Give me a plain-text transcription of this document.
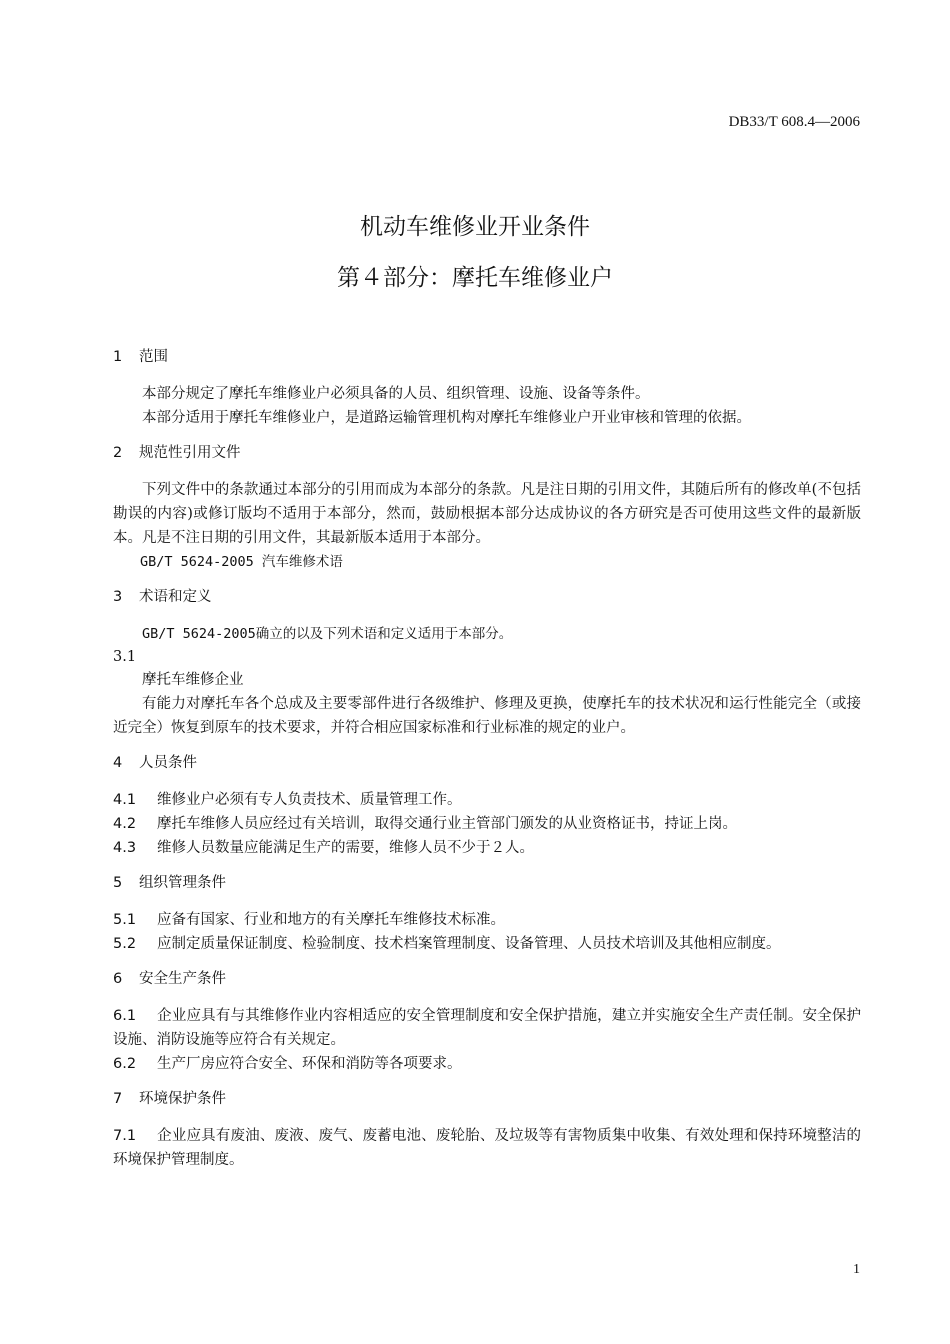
DB33/T 608.4—2006
机动车维修业开业条件
第４部分：摩托车维修业户
1 范围

本部分规定了摩托车维修业户必须具备的人员、组织管理、设施、设备等条件。

本部分适用于摩托车维修业户，是道路运输管理机构对摩托车维修业户开业审核和管理的依据。

2 规范性引用文件

下列文件中的条款通过本部分的引用而成为本部分的条款。凡是注日期的引用文件，其随后所有的修改单(不包括勘误的内容)或修订版均不适用于本部分，然而，鼓励根据本部分达成协议的各方研究是否可使用这些文件的最新版本。凡是不注日期的引用文件，其最新版本适用于本部分。

GB/T 5624-2005 汽车维修术语

3 术语和定义

GB/T 5624-2005确立的以及下列术语和定义适用于本部分。

3.1

摩托车维修企业

有能力对摩托车各个总成及主要零部件进行各级维护、修理及更换，使摩托车的技术状况和运行性能完全（或接近完全）恢复到原车的技术要求，并符合相应国家标准和行业标准的规定的业户。

4 人员条件

4.1 维修业户必须有专人负责技术、质量管理工作。

4.2 摩托车维修人员应经过有关培训，取得交通行业主管部门颁发的从业资格证书，持证上岗。

4.3 维修人员数量应能满足生产的需要，维修人员不少于２人。

5 组织管理条件

5.1 应备有国家、行业和地方的有关摩托车维修技术标准。

5.2 应制定质量保证制度、检验制度、技术档案管理制度、设备管理、人员技术培训及其他相应制度。

6 安全生产条件

6.1 企业应具有与其维修作业内容相适应的安全管理制度和安全保护措施，建立并实施安全生产责任制。安全保护设施、消防设施等应符合有关规定。

6.2 生产厂房应符合安全、环保和消防等各项要求。

7 环境保护条件

7.1 企业应具有废油、废液、废气、废蓄电池、废轮胎、及垃圾等有害物质集中收集、有效处理和保持环境整洁的环境保护管理制度。

1
